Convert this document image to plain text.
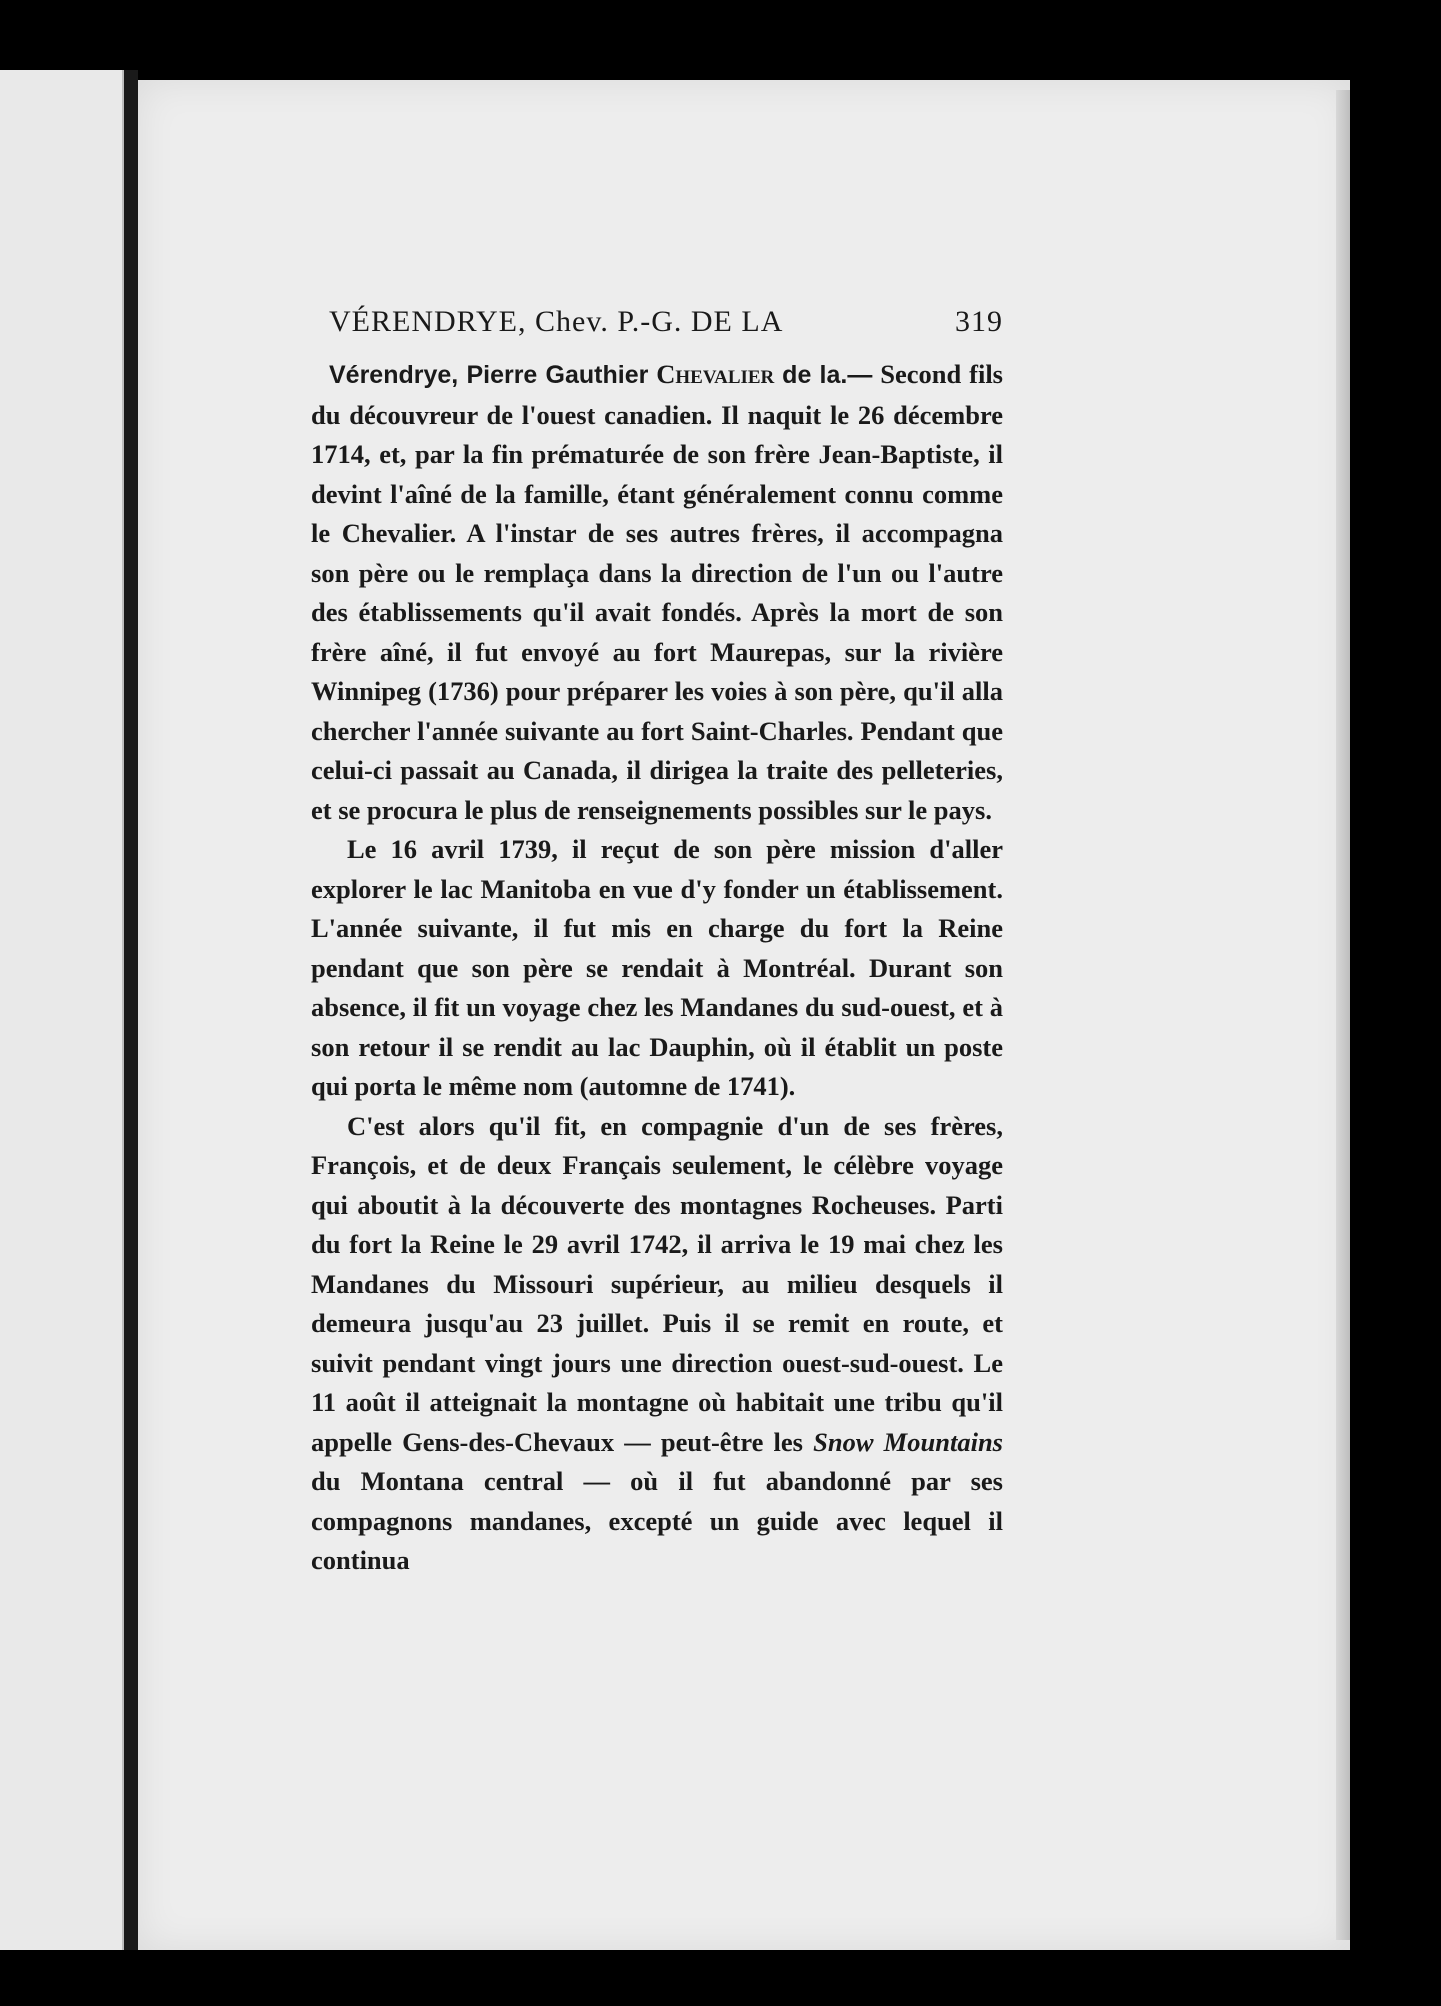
VÉRENDRYE, Chev. P.-G. DE LA	319

Vérendrye, Pierre Gauthier Chevalier de la.— Second fils du découvreur de l'ouest canadien. Il naquit le 26 décembre 1714, et, par la fin prématurée de son frère Jean-Baptiste, il devint l'aîné de la famille, étant généralement connu comme le Chevalier. A l'instar de ses autres frères, il accompagna son père ou le remplaça dans la direction de l'un ou l'autre des établissements qu'il avait fondés. Après la mort de son frère aîné, il fut envoyé au fort Maurepas, sur la rivière Winnipeg (1736) pour préparer les voies à son père, qu'il alla chercher l'année suivante au fort Saint-Charles. Pendant que celui-ci passait au Canada, il dirigea la traite des pelleteries, et se procura le plus de renseignements possibles sur le pays.

Le 16 avril 1739, il reçut de son père mission d'aller explorer le lac Manitoba en vue d'y fonder un établissement. L'année suivante, il fut mis en charge du fort la Reine pendant que son père se rendait à Montréal. Durant son absence, il fit un voyage chez les Mandanes du sud-ouest, et à son retour il se rendit au lac Dauphin, où il établit un poste qui porta le même nom (automne de 1741).

C'est alors qu'il fit, en compagnie d'un de ses frères, François, et de deux Français seulement, le célèbre voyage qui aboutit à la découverte des montagnes Rocheuses. Parti du fort la Reine le 29 avril 1742, il arriva le 19 mai chez les Mandanes du Missouri supérieur, au milieu desquels il demeura jusqu'au 23 juillet. Puis il se remit en route, et suivit pendant vingt jours une direction ouest-sud-ouest. Le 11 août il atteignait la montagne où habitait une tribu qu'il appelle Gens-des-Chevaux — peut-être les Snow Mountains du Montana central — où il fut abandonné par ses compagnons mandanes, excepté un guide avec lequel il continua
